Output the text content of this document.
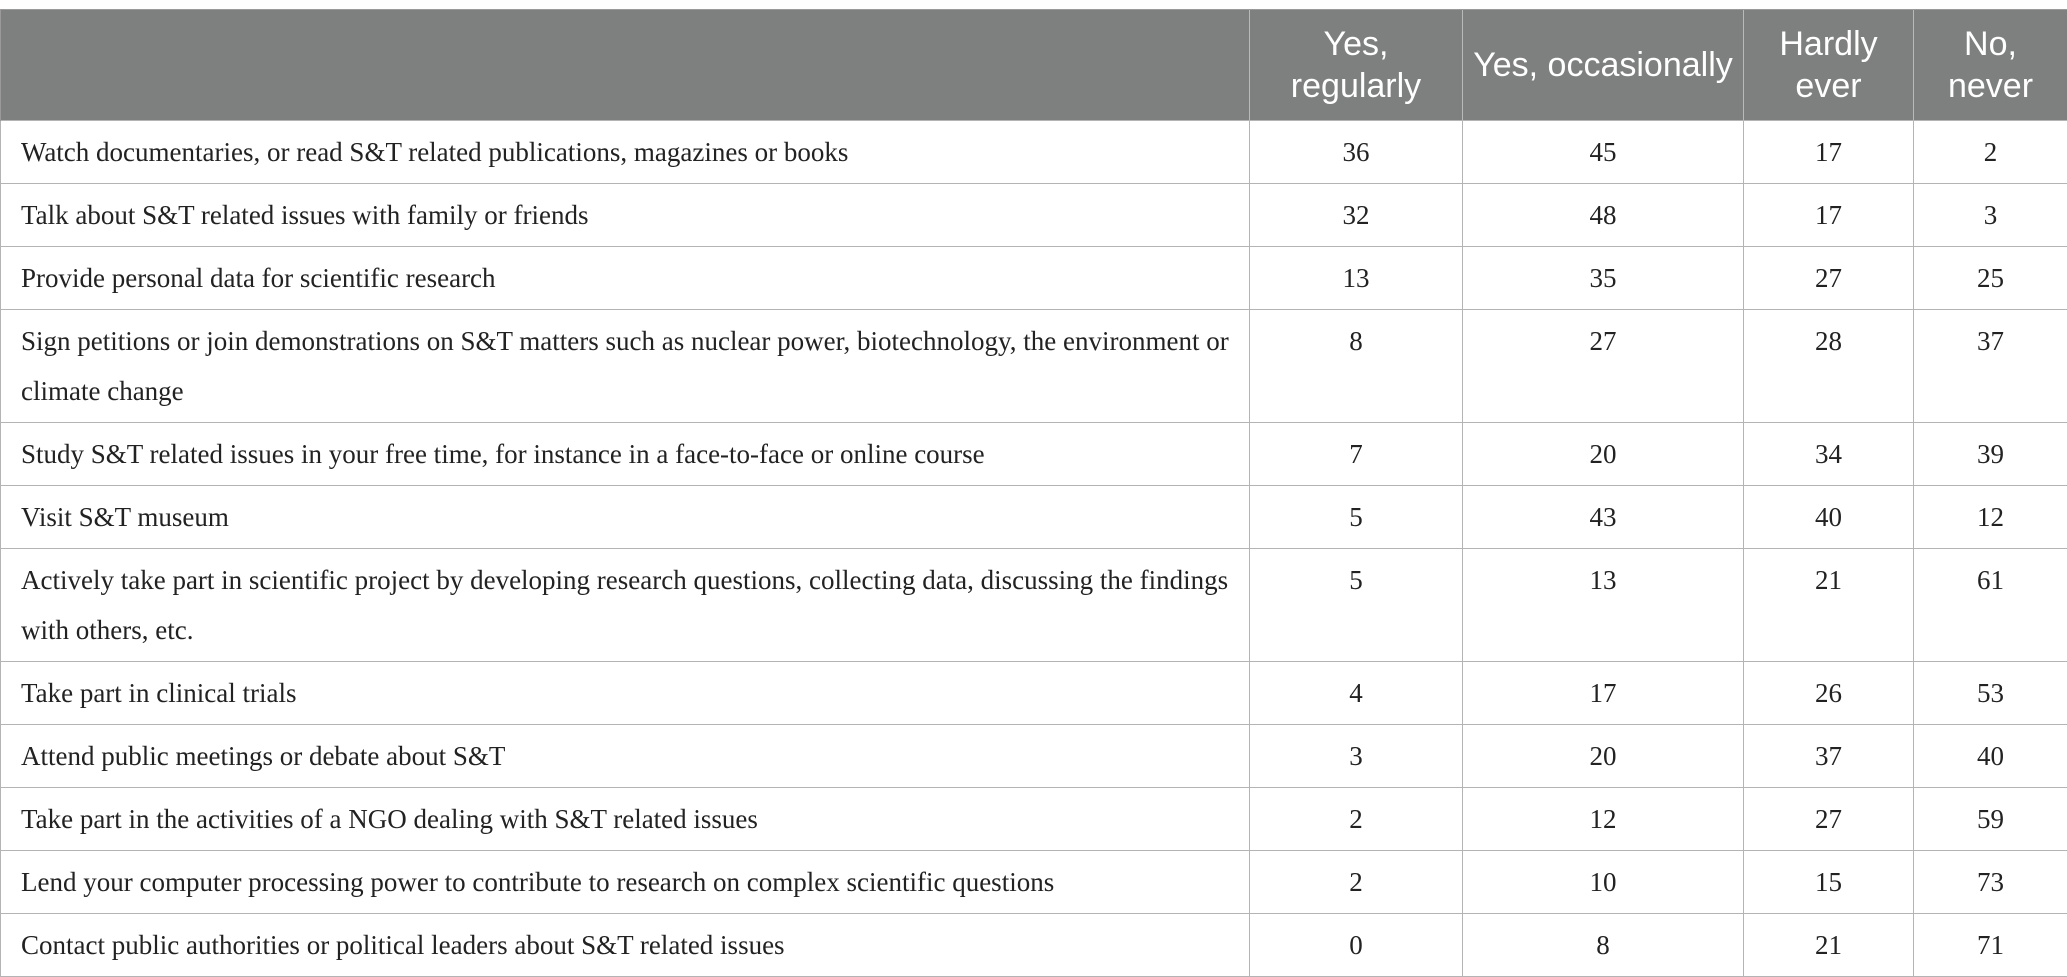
	Yes, regularly	Yes, occasionally	Hardly ever	No, never
Watch documentaries, or read S&T related publications, magazines or books	36	45	17	2
Talk about S&T related issues with family or friends	32	48	17	3
Provide personal data for scientific research	13	35	27	25
Sign petitions or join demonstrations on S&T matters such as nuclear power, biotechnology, the environment or climate change	8	27	28	37
Study S&T related issues in your free time, for instance in a face-to-face or online course	7	20	34	39
Visit S&T museum	5	43	40	12
Actively take part in scientific project by developing research questions, collecting data, discussing the findings with others, etc.	5	13	21	61
Take part in clinical trials	4	17	26	53
Attend public meetings or debate about S&T	3	20	37	40
Take part in the activities of a NGO dealing with S&T related issues	2	12	27	59
Lend your computer processing power to contribute to research on complex scientific questions	2	10	15	73
Contact public authorities or political leaders about S&T related issues	0	8	21	71
